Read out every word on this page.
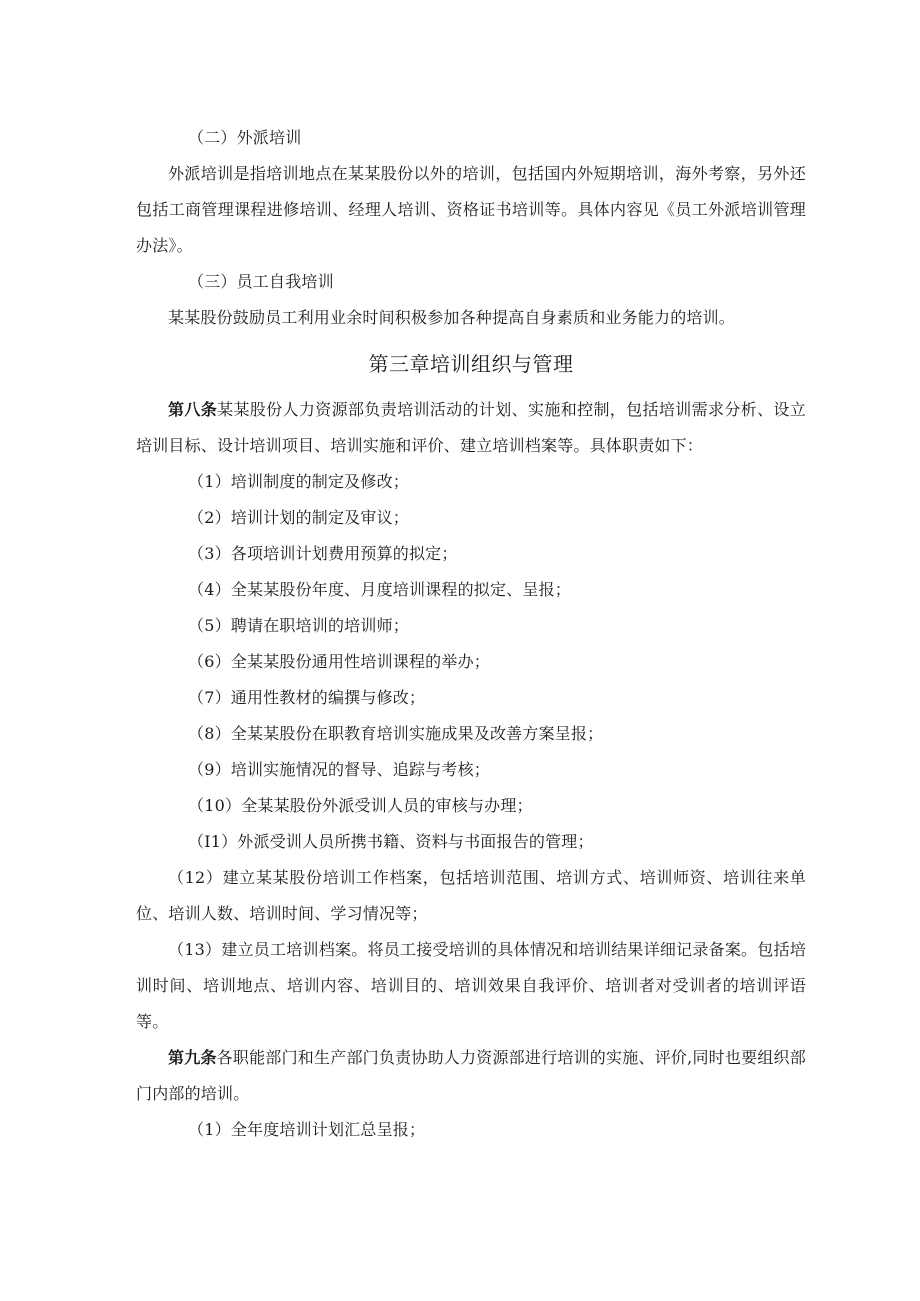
（二）外派培训

外派培训是指培训地点在某某股份以外的培训，包括国内外短期培训，海外考察，另外还包括工商管理课程进修培训、经理人培训、资格证书培训等。具体内容见《员工外派培训管理办法》。

（三）员工自我培训

某某股份鼓励员工利用业余时间积极参加各种提高自身素质和业务能力的培训。

第三章培训组织与管理

第八条某某股份人力资源部负责培训活动的计划、实施和控制，包括培训需求分析、设立培训目标、设计培训项目、培训实施和评价、建立培训档案等。具体职责如下：

（1）培训制度的制定及修改；

（2）培训计划的制定及审议；

（3）各项培训计划费用预算的拟定；

（4）全某某股份年度、月度培训课程的拟定、呈报；

（5）聘请在职培训的培训师；

（6）全某某股份通用性培训课程的举办；

（7）通用性教材的编撰与修改；

（8）全某某股份在职教育培训实施成果及改善方案呈报；

（9）培训实施情况的督导、追踪与考核；

（10）全某某股份外派受训人员的审核与办理；

（I1）外派受训人员所携书籍、资料与书面报告的管理；

（12）建立某某股份培训工作档案，包括培训范围、培训方式、培训师资、培训往来单位、培训人数、培训时间、学习情况等；

（13）建立员工培训档案。将员工接受培训的具体情况和培训结果详细记录备案。包括培训时间、培训地点、培训内容、培训目的、培训效果自我评价、培训者对受训者的培训评语等。

第九条各职能部门和生产部门负责协助人力资源部进行培训的实施、评价,同时也要组织部门内部的培训。

（1）全年度培训计划汇总呈报；
